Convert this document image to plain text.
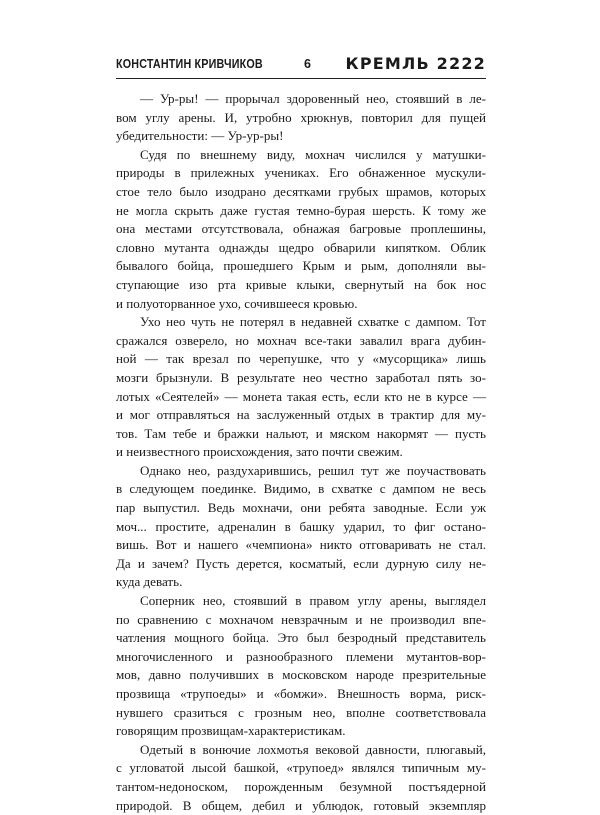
КОНСТАНТИН КРИВЧИКОВ	6 КРЕМЛЬ 2222
— Ур-ры! — прорычал здоровенный нео, стоявший в ле-
вом углу арены. И, утробно хрюкнув, повторил для пущей
убедительности: — Ур-ур-ры!
Судя по внешнему виду, мохнач числился у матушки-
природы в прилежных учениках. Его обнаженное мускули-
стое тело было изодрано десятками грубых шрамов, которых
не могла скрыть даже густая темно-бурая шерсть. К тому же
она местами отсутствовала, обнажая багровые проплешины,
словно мутанта однажды щедро обварили кипятком. Облик
бывалого бойца, прошедшего Крым и рым, дополняли вы-
ступающие изо рта кривые клыки, свернутый на бок нос
и полуоторванное ухо, сочившееся кровью.
Ухо нео чуть не потерял в недавней схватке с дампом. Тот
сражался озверело, но мохнач все-таки завалил врага дубин-
ной — так врезал по черепушке, что у «мусорщика» лишь
мозги брызнули. В результате нео честно заработал пять зо-
лотых «Сеятелей» — монета такая есть, если кто не в курсе —
и мог отправляться на заслуженный отдых в трактир для му-
тов. Там тебе и бражки нальют, и мяском накормят — пусть
и неизвестного происхождения, зато почти свежим.
Однако нео, раздухарившись, решил тут же поучаствовать
в следующем поединке. Видимо, в схватке с дампом не весь
пар выпустил. Ведь мохначи, они ребята заводные. Если уж
моч... простите, адреналин в башку ударил, то фиг остано-
вишь. Вот и нашего «чемпиона» никто отговаривать не стал.
Да и зачем? Пусть дерется, косматый, если дурную силу не-
куда девать.
Соперник нео, стоявший в правом углу арены, выглядел
по сравнению с мохначом невзрачным и не производил впе-
чатления мощного бойца. Это был безродный представитель
многочисленного и разнообразного племени мутантов-вор-
мов, давно получивших в московском народе презрительные
прозвища «трупоеды» и «бомжи». Внешность ворма, риск-
нувшего сразиться с грозным нео, вполне соответствовала
говорящим прозвищам-характеристикам.
Одетый в вонючие лохмотья вековой давности, плюгавый,
с угловатой лысой башкой, «трупоед» являлся типичным му-
тантом-недоноском, порожденным безумной постъядерной
природой. В общем, дебил и ублюдок, готовый экземпляр
